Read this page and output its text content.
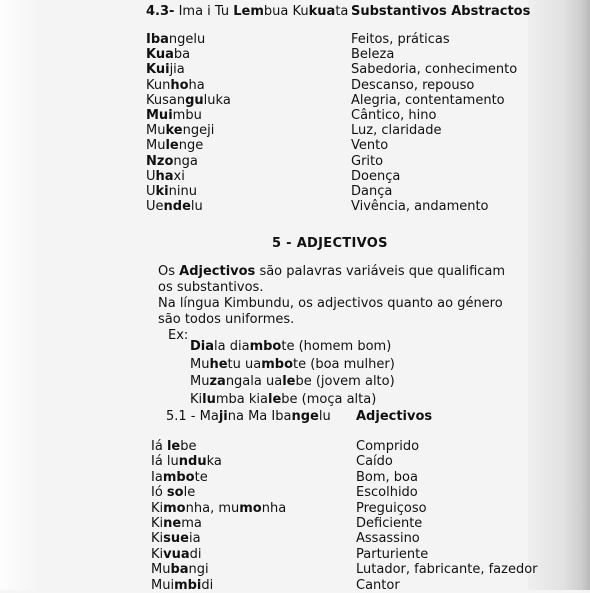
4.3- Ima i Tu Lembua Kukuata Substantivos Abstractos
Ibangelu
Kuaba
Kuijia
Kunhoha
Kusanguluka
Muimbu
Mukengeji
Mulenge
Nzonga
Uhaxi
Ukininu
Uendelu
Feitos, práticas
Beleza
Sabedoria, conhecimento
Descanso, repouso
Alegria, contentamento
Cântico, hino
Luz, claridade
Vento
Grito
Doença
Dança
Vivência, andamento
5 - ADJECTIVOS
Os Adjectivos são palavras variáveis que qualificam os substantivos.
Na língua Kimbundu, os adjectivos quanto ao género são todos uniformes.
Ex:
Diala diambote (homem bom)
Muhetu uambote (boa mulher)
Muzangala ualebe (jovem alto)
Kilumba kialebe (moça alta)
5.1 - Majina Ma Ibangelu Adjectivos
Iá lebe
Iá lunduka
Iambote
Ió sole
Kimonha, mumonha
Kinema
Kisueia
Kivuadi
Mubangi
Muimbidi
Comprido
Caído
Bom, boa
Escolhido
Preguiçoso
Deficiente
Assassino
Parturiente
Lutador, fabricante, fazedor
Cantor
